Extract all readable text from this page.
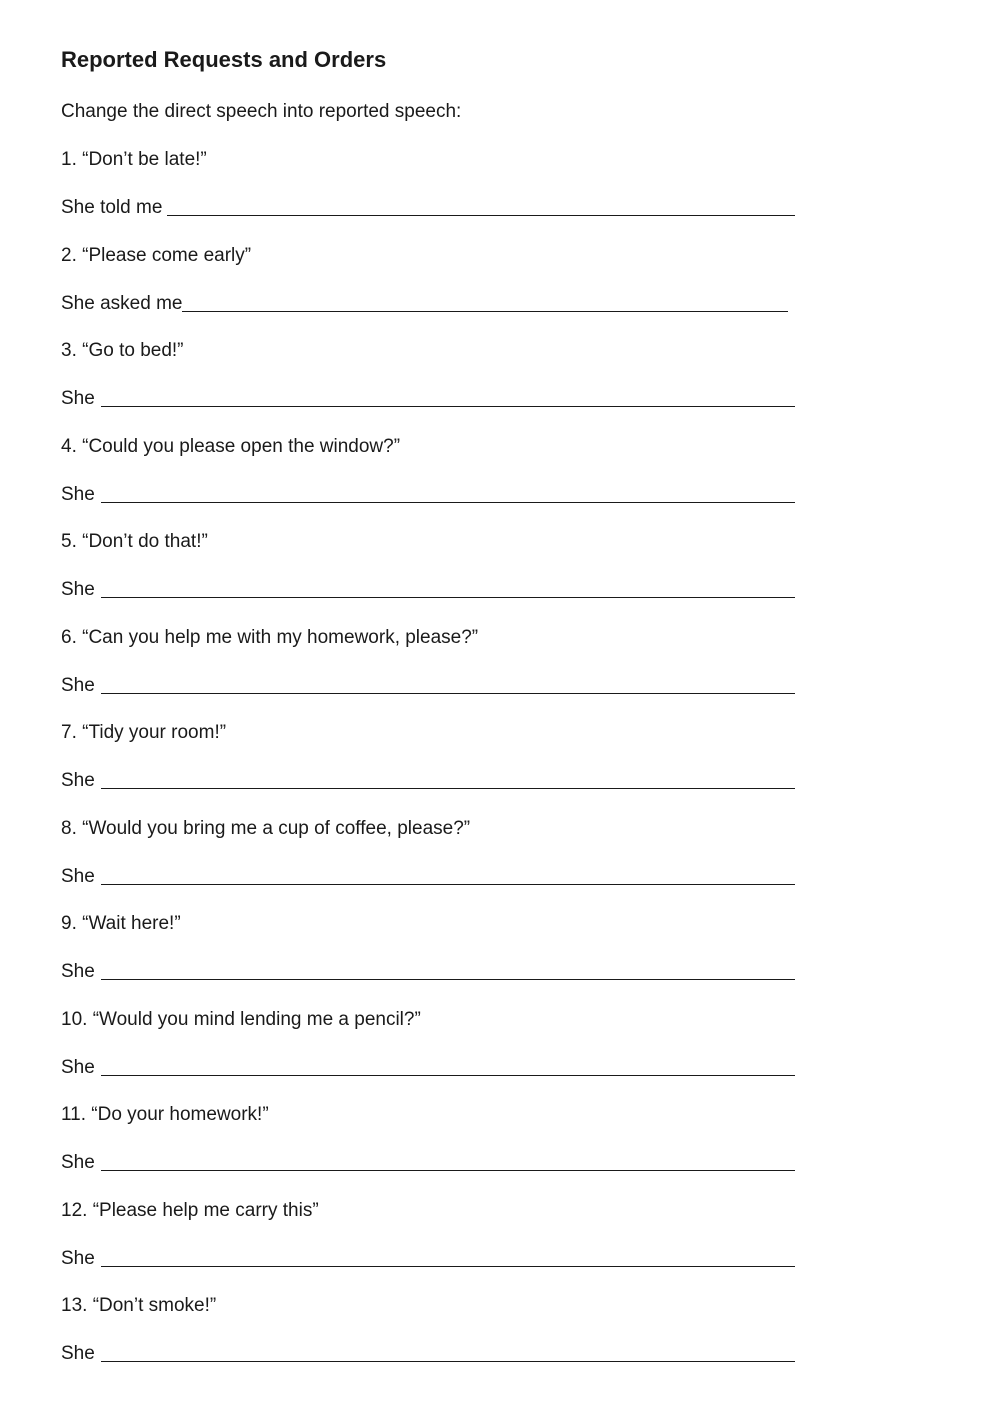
Reported Requests and Orders
Change the direct speech into reported speech:
1. “Don’t be late!”
She told me
2. “Please come early”
She asked me
3. “Go to bed!”
She
4. “Could you please open the window?”
She
5. “Don’t do that!”
She
6. “Can you help me with my homework, please?”
She
7. “Tidy your room!”
She
8. “Would you bring me a cup of coffee, please?”
She
9. “Wait here!”
She
10. “Would you mind lending me a pencil?”
She
11. “Do your homework!”
She
12. “Please help me carry this”
She
13. “Don’t smoke!”
She
